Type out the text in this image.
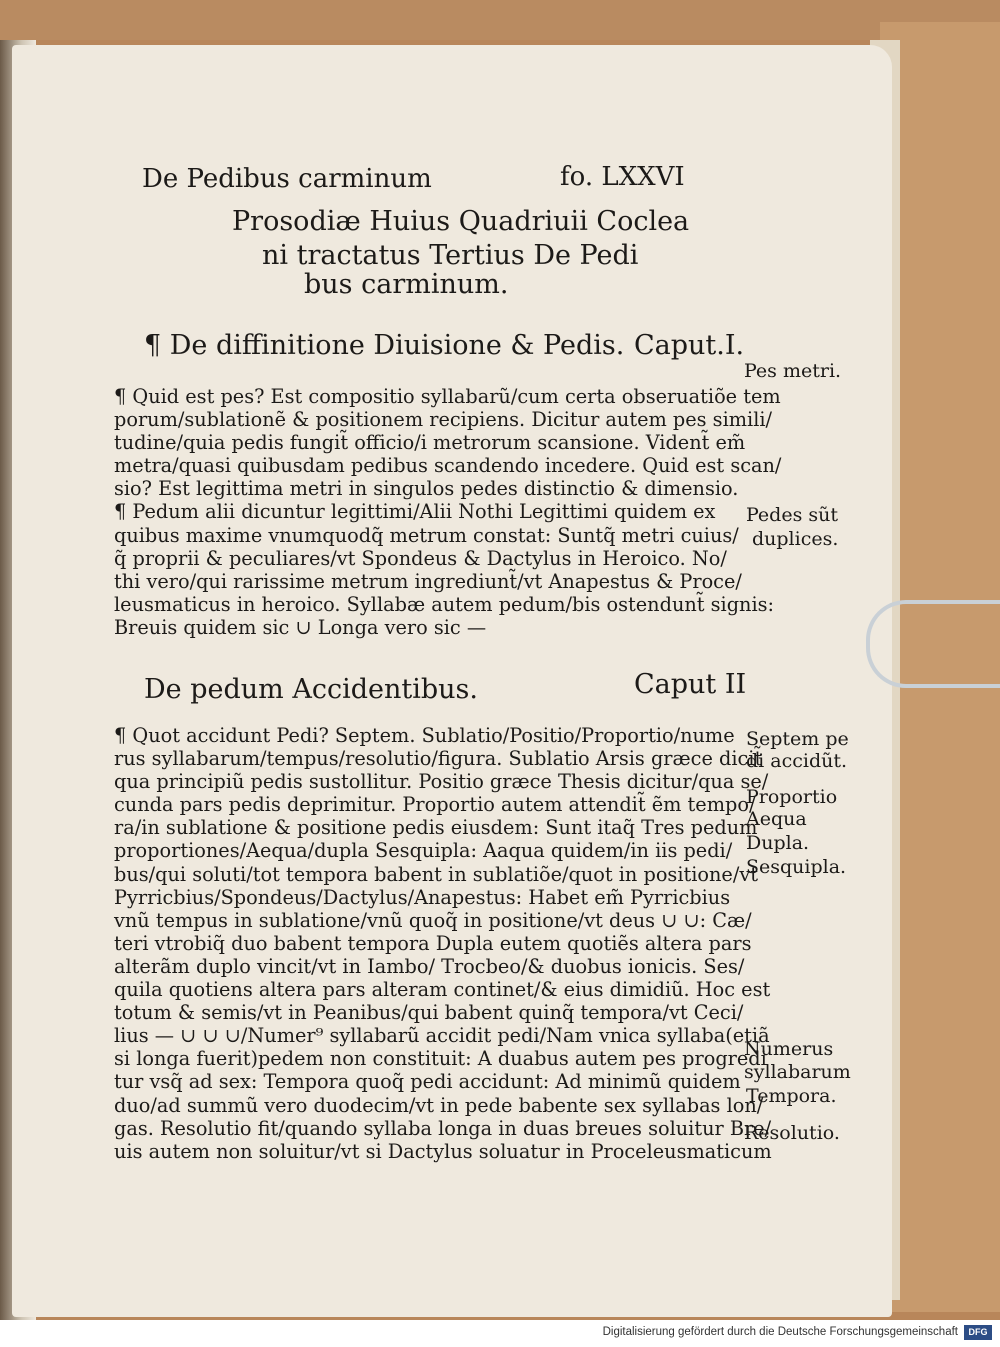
De Pedibus carminum	fo. LXXVI
Prosodiæ Huius Quadriuii Coclea
ni tractatus Tertius De Pedi
bus carminum.
¶ De diffinitione Diuisione & Pedis. Caput.I.
¶ Quid est pes? Est compositio syllabarũ/cum certa obseruatiõe tem
porum/sublationẽ & positionem recipiens. Dicitur autem pes simili/
tudine/quia pedis fungit̃ officio/i metrorum scansione. Vident̃ em̃
metra/quasi quibusdam pedibus scandendo incedere. Quid est scan/
sio? Est legittima metri in singulos pedes distinctio & dimensio.
¶ Pedum alii dicuntur legittimi/Alii Nothi Legittimi quidem ex
quibus maxime vnumquodq̃ metrum constat: Suntq̃ metri cuius/
q̃ proprii & peculiares/vt Spondeus & Dactylus in Heroico. No/
thi vero/qui rarissime metrum ingrediunt̃/vt Anapestus & Proce/
leusmaticus in heroico. Syllabæ autem pedum/bis ostendunt̃ signis:
Breuis quidem sic ∪ Longa vero sic —
De pedum Accidentibus.	Caput II
¶ Quot accidunt Pedi? Septem. Sublatio/Positio/Proportio/nume
rus syllabarum/tempus/resolutio/figura. Sublatio Arsis græce dicit̃
qua principiũ pedis sustollitur. Positio græce Thesis dicitur/qua se/
cunda pars pedis deprimitur. Proportio autem attendit̃ ẽm tempo/
ra/in sublatione & positione pedis eiusdem: Sunt itaq̃ Tres pedum
proportiones/Aequa/dupla Sesquipla: Aaqua quidem/in iis pedi/
bus/qui soluti/tot tempora babent in sublatiõe/quot in positione/vt
Pyrricbius/Spondeus/Dactylus/Anapestus: Habet em̃ Pyrricbius
vnũ tempus in sublatione/vnũ quoq̃ in positione/vt deus ∪ ∪: Cæ/
teri vtrobiq̃ duo babent tempora Dupla eutem quotiẽs altera pars
alterãm duplo vincit/vt in Iambo/ Trocbeo/& duobus ionicis. Ses/
quila quotiens altera pars alteram continet/& eius dimidiũ. Hoc est
totum & semis/vt in Peanibus/qui babent quinq̃ tempora/vt Ceci/
lius — ∪ ∪ ∪/Numer⁹ syllabarũ accidit pedi/Nam vnica syllaba(etiã
si longa fuerit)pedem non constituit: A duabus autem pes progredi
tur vsq̃ ad sex: Tempora quoq̃ pedi accidunt: Ad minimũ quidem
duo/ad summũ vero duodecim/vt in pede babente sex syllabas lon/
gas. Resolutio fit/quando syllaba longa in duas breues soluitur Bre/
uis autem non soluitur/vt si Dactylus soluatur in Proceleusmaticum
Pes metri.
Pedes sũt
duplices.
Septem pe
di accidũt.
Proportio
Aequa
Dupla.
Sesquipla.
Numerus
syllabarum
Tempora.
Resolutio.
Digitalisierung gefördert durch die Deutsche Forschungsgemeinschaft	DFG
